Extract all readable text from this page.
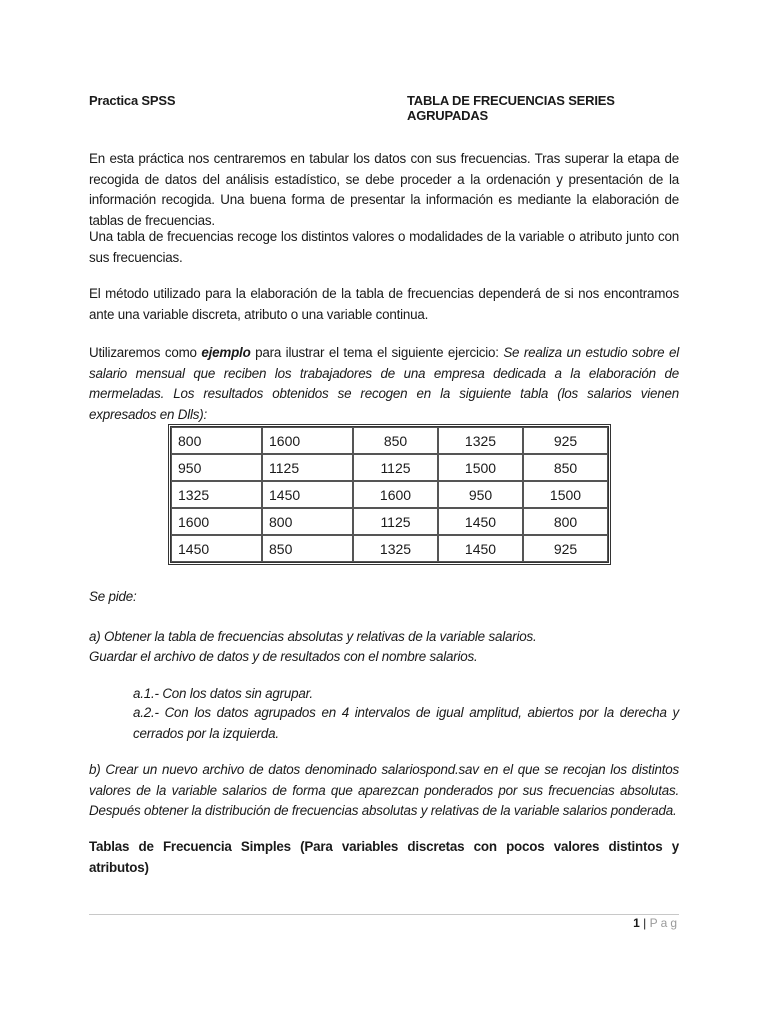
Practica SPSS	TABLA DE FRECUENCIAS SERIES AGRUPADAS

En esta práctica nos centraremos en tabular los datos con sus frecuencias. Tras superar la etapa de recogida de datos del análisis estadístico, se debe proceder a la ordenación y presentación de la información recogida. Una buena forma de presentar la información es mediante la elaboración de tablas de frecuencias.

Una tabla de frecuencias recoge los distintos valores o modalidades de la variable o atributo junto con sus frecuencias.

El método utilizado para la elaboración de la tabla de frecuencias dependerá de si nos encontramos ante una variable discreta, atributo o una variable continua.

Utilizaremos como ejemplo para ilustrar el tema el siguiente ejercicio: Se realiza un estudio sobre el salario mensual que reciben los trabajadores de una empresa dedicada a la elaboración de mermeladas. Los resultados obtenidos se recogen en la siguiente tabla (los salarios vienen expresados en Dlls):

800	1600	850	1325	925
950	1125	1125	1500	850
1325	1450	1600	950	1500
1600	800	1125	1450	800
1450	850	1325	1450	925

Se pide:

a) Obtener la tabla de frecuencias absolutas y relativas de la variable salarios.

Guardar el archivo de datos y de resultados con el nombre salarios.

a.1.- Con los datos sin agrupar.

a.2.- Con los datos agrupados en 4 intervalos de igual amplitud, abiertos por la derecha y cerrados por la izquierda.

b) Crear un nuevo archivo de datos denominado salariospond.sav en el que se recojan los distintos valores de la variable salarios de forma que aparezcan ponderados por sus frecuencias absolutas. Después obtener la distribución de frecuencias absolutas y relativas de la variable salarios ponderada.

Tablas de Frecuencia Simples (Para variables discretas con pocos valores distintos y atributos)

1 | Pag
